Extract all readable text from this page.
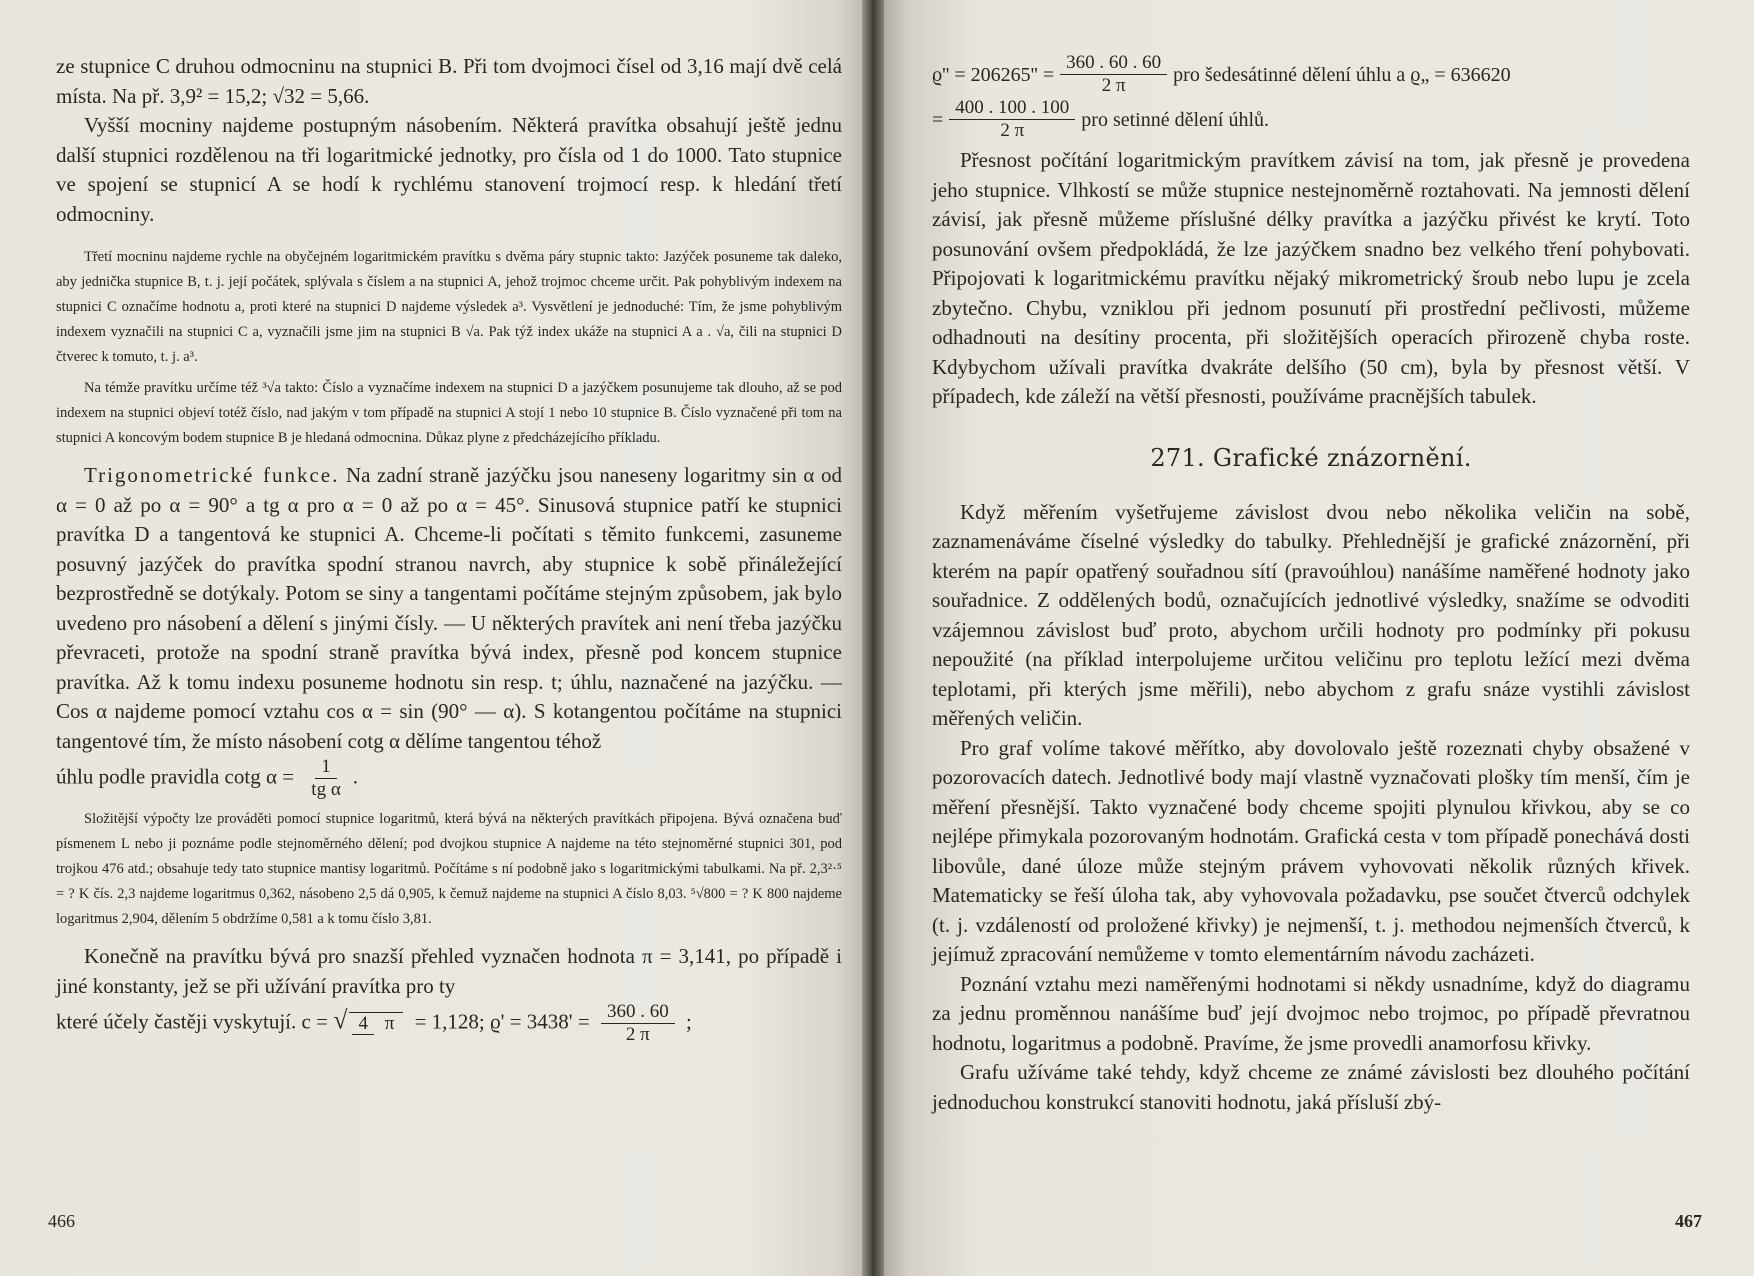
ze stupnice C druhou odmocninu na stupnici B. Při tom dvojmoci čísel od 3,16 mají dvě celá místa. Na př. 3,9² = 15,2; √32 = 5,66.

Vyšší mocniny najdeme postupným násobením. Některá pravítka obsahují ještě jednu další stupnici rozdělenou na tři logaritmické jednotky, pro čísla od 1 do 1000. Tato stupnice ve spojení se stupnicí A se hodí k rychlému stanovení trojmocí resp. k hledání třetí odmocniny.

Třetí mocninu najdeme rychle na obyčejném logaritmickém pravítku s dvěma páry stupnic takto: Jazýček posuneme tak daleko, aby jednička stupnice B, t. j. její počátek, splývala s číslem a na stupnici A, jehož trojmoc chceme určit. Pak pohyblivým indexem na stupnici C označíme hodnotu a, proti které na stupnici D najdeme výsledek a³. Vysvětlení je jednoduché: Tím, že jsme pohyblivým indexem vyznačili na stupnici C a, vyznačili jsme jim na stupnici B √a. Pak týž index ukáže na stupnici A a . √a, čili na stupnici D čtverec k tomuto, t. j. a³.

Na témže pravítku určíme též ³√a takto: Číslo a vyznačíme indexem na stupnici D a jazýčkem posunujeme tak dlouho, až se pod indexem na stupnici objeví totéž číslo, nad jakým v tom případě na stupnici A stojí 1 nebo 10 stupnice B. Číslo vyznačené při tom na stupnici A koncovým bodem stupnice B je hledaná odmocnina. Důkaz plyne z předcházejícího příkladu.

Trigonometrické funkce. Na zadní straně jazýčku jsou naneseny logaritmy sin α od α = 0 až po α = 90° a tg α pro α = 0 až po α = 45°. Sinusová stupnice patří ke stupnici pravítka D a tangentová ke stupnici A. Chceme-li počítati s těmito funkcemi, zasuneme posuvný jazýček do pravítka spodní stranou navrch, aby stupnice k sobě přináležející bezprostředně se dotýkaly. Potom se siny a tangentami počítáme stejným způsobem, jak bylo uvedeno pro násobení a dělení s jinými čísly. — U některých pravítek ani není třeba jazýčku převraceti, protože na spodní straně pravítka bývá index, přesně pod koncem stupnice pravítka. Až k tomu indexu posuneme hodnotu sin resp. t; úhlu, naznačené na jazýčku. — Cos α najdeme pomocí vztahu cos α = sin (90° — α). S kotangentou počítáme na stupnici tangentové tím, že místo násobení cotg α dělíme tangentou téhož

úhlu podle pravidla cotg $\alpha = \frac{1}{\text{tg α}}$ .

Složitější výpočty lze prováděti pomocí stupnice logaritmů, která bývá na některých pravítkách připojena. Bývá označena buď písmenem L nebo ji poznáme podle stejnoměrného dělení; pod dvojkou stupnice A najdeme na této stejnoměrné stupnici 301, pod trojkou 476 atd.; obsahuje tedy tato stupnice mantisy logaritmů. Počítáme s ní podobně jako s logaritmickými tabulkami. Na př. 2,3²·⁵ = ? K čís. 2,3 najdeme logaritmus 0,362, násobeno 2,5 dá 0,905, k čemuž najdeme na stupnici A číslo 8,03. ⁵√800 = ? K 800 najdeme logaritmus 2,904, dělením 5 obdržíme 0,581 a k tomu číslo 3,81.

Konečně na pravítku bývá pro snazší přehled vyznačen hodnota π = 3,141, po případě i jiné konstanty, jež se při užívání pravítka pro ty

které účely častěji vyskytují. c = √ 4 π = 1,128; $ϱ' = 3438' = \frac{360 . 60}{2 \pi}$ ;

466
$ϱ'' = 206265'' = \frac{360 . 60 . 60}{2 \pi}$ pro šedesátinné dělení úhlu a ϱ„ = 636620
= $\frac{400 . 100 . 100}{2 \pi}$ pro setinné dělení úhlů.

Přesnost počítání logaritmickým pravítkem závisí na tom, jak přesně je provedena jeho stupnice. Vlhkostí se může stupnice nestejnoměrně roztahovati. Na jemnosti dělení závisí, jak přesně můžeme příslušné délky pravítka a jazýčku přivést ke krytí. Toto posunování ovšem předpokládá, že lze jazýčkem snadno bez velkého tření pohybovati. Připojovati k logaritmickému pravítku nějaký mikrometrický šroub nebo lupu je zcela zbytečno. Chybu, vzniklou při jednom posunutí při prostřední pečlivosti, můžeme odhadnouti na desítiny procenta, při složitějších operacích přirozeně chyba roste. Kdybychom užívali pravítka dvakráte delšího (50 cm), byla by přesnost větší. V případech, kde záleží na větší přesnosti, používáme pracnějších tabulek.

271. Grafické znázornění.

Když měřením vyšetřujeme závislost dvou nebo několika veličin na sobě, zaznamenáváme číselné výsledky do tabulky. Přehlednější je grafické znázornění, při kterém na papír opatřený souřadnou sítí (pravoúhlou) nanášíme naměřené hodnoty jako souřadnice. Z oddělených bodů, označujících jednotlivé výsledky, snažíme se odvoditi vzájemnou závislost buď proto, abychom určili hodnoty pro podmínky při pokusu nepoužité (na příklad interpolujeme určitou veličinu pro teplotu ležící mezi dvěma teplotami, při kterých jsme měřili), nebo abychom z grafu snáze vystihli závislost měřených veličin.

Pro graf volíme takové měřítko, aby dovolovalo ještě rozeznati chyby obsažené v pozorovacích datech. Jednotlivé body mají vlastně vyznačovati plošky tím menší, čím je měření přesnější. Takto vyznačené body chceme spojiti plynulou křivkou, aby se co nejlépe přimykala pozorovaným hodnotám. Grafická cesta v tom případě ponechává dosti libovůle, dané úloze může stejným právem vyhovovati několik různých křivek. Matematicky se řeší úloha tak, aby vyhovovala požadavku, pse součet čtverců odchylek (t. j. vzdáleností od proložené křivky) je nejmenší, t. j. methodou nejmenších čtverců, k jejímuž zpracování nemůžeme v tomto elementárním návodu zacházeti.

Poznání vztahu mezi naměřenými hodnotami si někdy usnadníme, když do diagramu za jednu proměnnou nanášíme buď její dvojmoc nebo trojmoc, po případě převratnou hodnotu, logaritmus a podobně. Pravíme, že jsme provedli anamorfosu křivky.

Grafu užíváme také tehdy, když chceme ze známé závislosti bez dlouhého počítání jednoduchou konstrukcí stanoviti hodnotu, jaká přísluší zbý-

467
